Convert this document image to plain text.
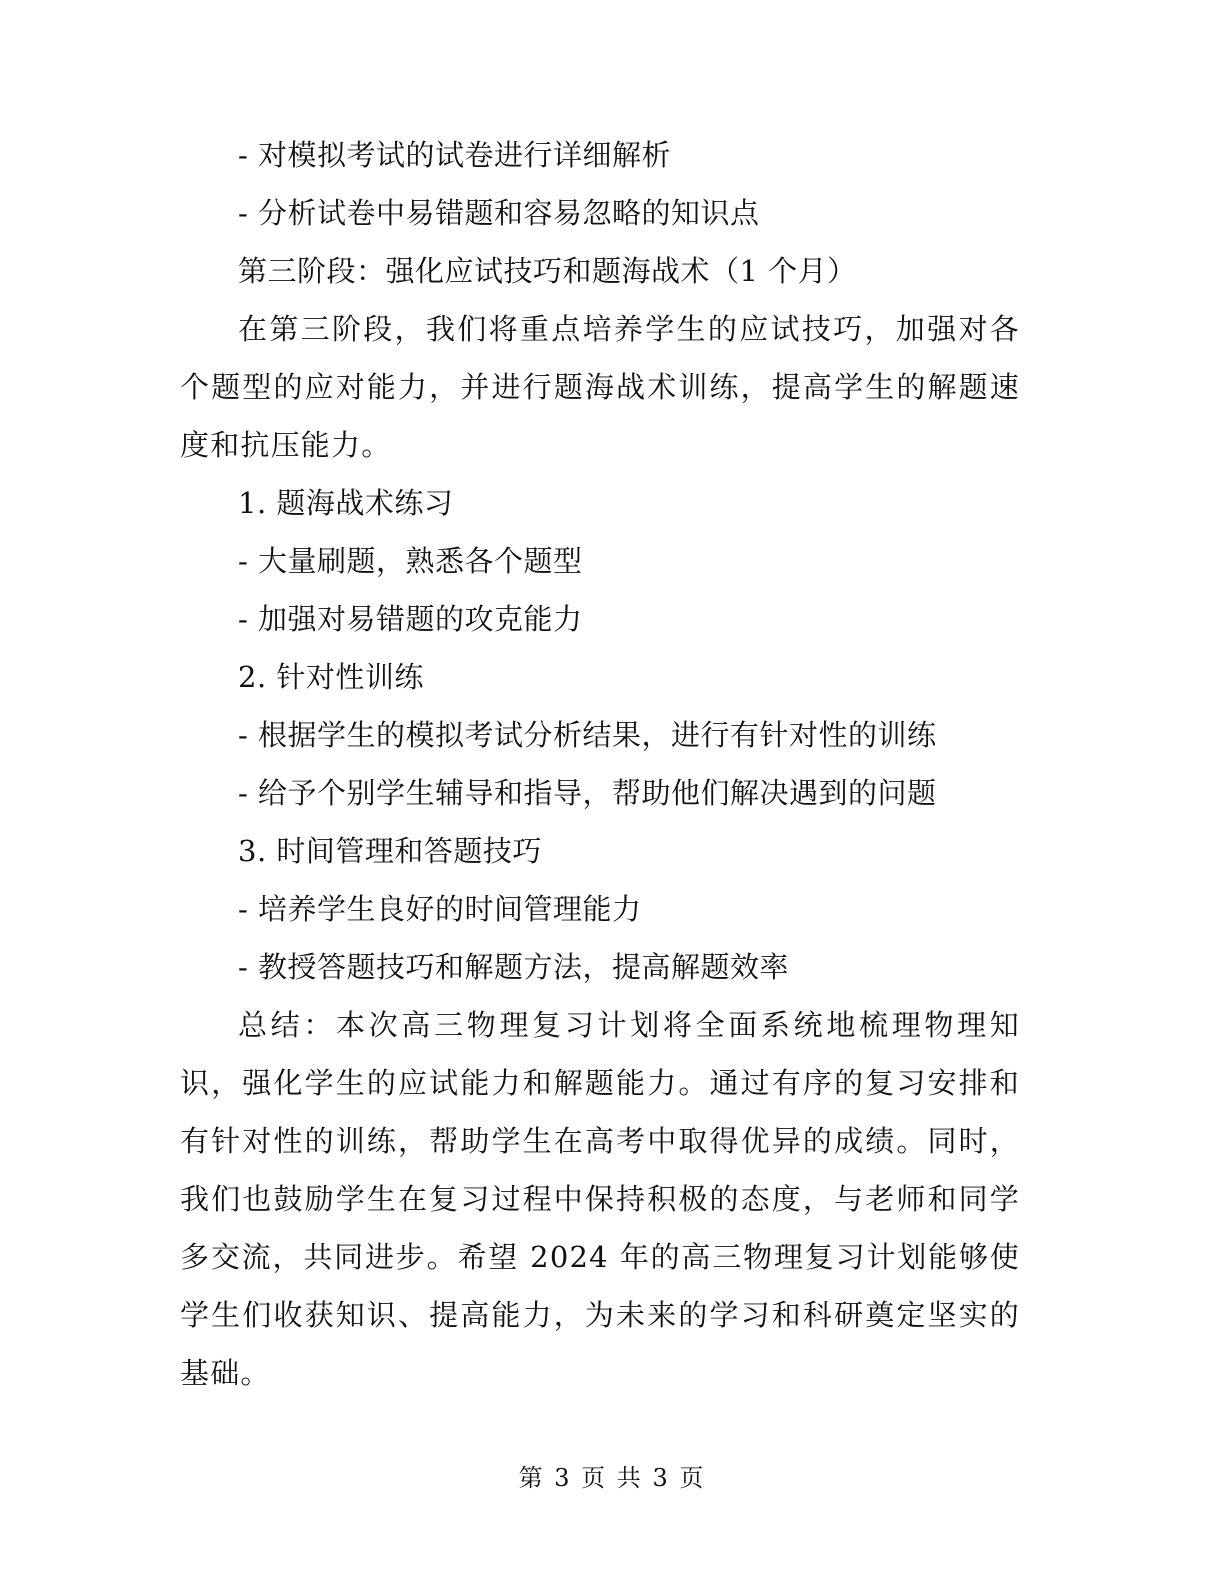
- 对模拟考试的试卷进行详细解析

- 分析试卷中易错题和容易忽略的知识点

第三阶段：强化应试技巧和题海战术（1 个月）

在第三阶段，我们将重点培养学生的应试技巧，加强对各个题型的应对能力，并进行题海战术训练，提高学生的解题速度和抗压能力。

1. 题海战术练习

- 大量刷题，熟悉各个题型

- 加强对易错题的攻克能力

2. 针对性训练

- 根据学生的模拟考试分析结果，进行有针对性的训练

- 给予个别学生辅导和指导，帮助他们解决遇到的问题

3. 时间管理和答题技巧

- 培养学生良好的时间管理能力

- 教授答题技巧和解题方法，提高解题效率

总结：本次高三物理复习计划将全面系统地梳理物理知识，强化学生的应试能力和解题能力。通过有序的复习安排和有针对性的训练，帮助学生在高考中取得优异的成绩。同时，我们也鼓励学生在复习过程中保持积极的态度，与老师和同学多交流，共同进步。希望 2024 年的高三物理复习计划能够使学生们收获知识、提高能力，为未来的学习和科研奠定坚实的基础。

第 3 页 共 3 页
